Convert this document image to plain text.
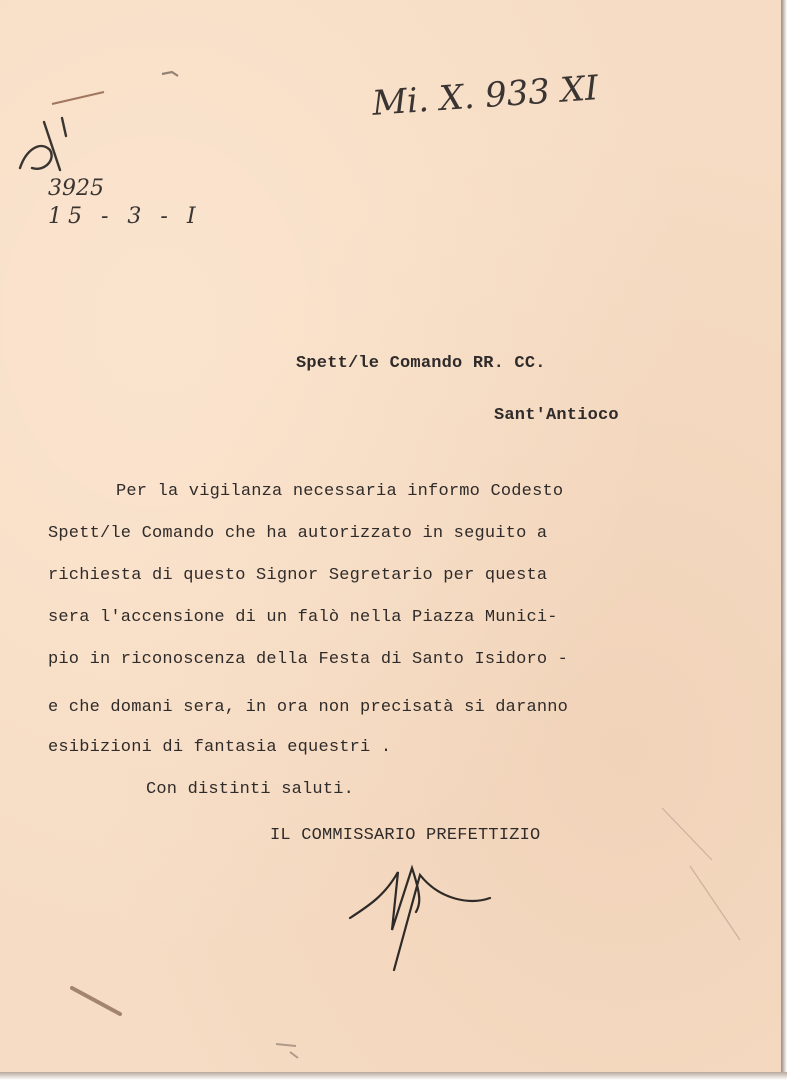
Mi. X. 933 XI
3925
15 - 3 - I
Spett/le Comando RR. CC.
Sant'Antioco
Per la vigilanza necessaria informo Codesto
Spett/le Comando che ha autorizzato in seguito a
richiesta di questo Signor Segretario per questa
sera l'accensione di un falò nella Piazza Munici-
pio in riconoscenza della Festa di Santo Isidoro -
e che domani sera, in ora non precisatà si daranno
esibizioni di fantasia equestri .
Con distinti saluti.
IL COMMISSARIO PREFETTIZIO
